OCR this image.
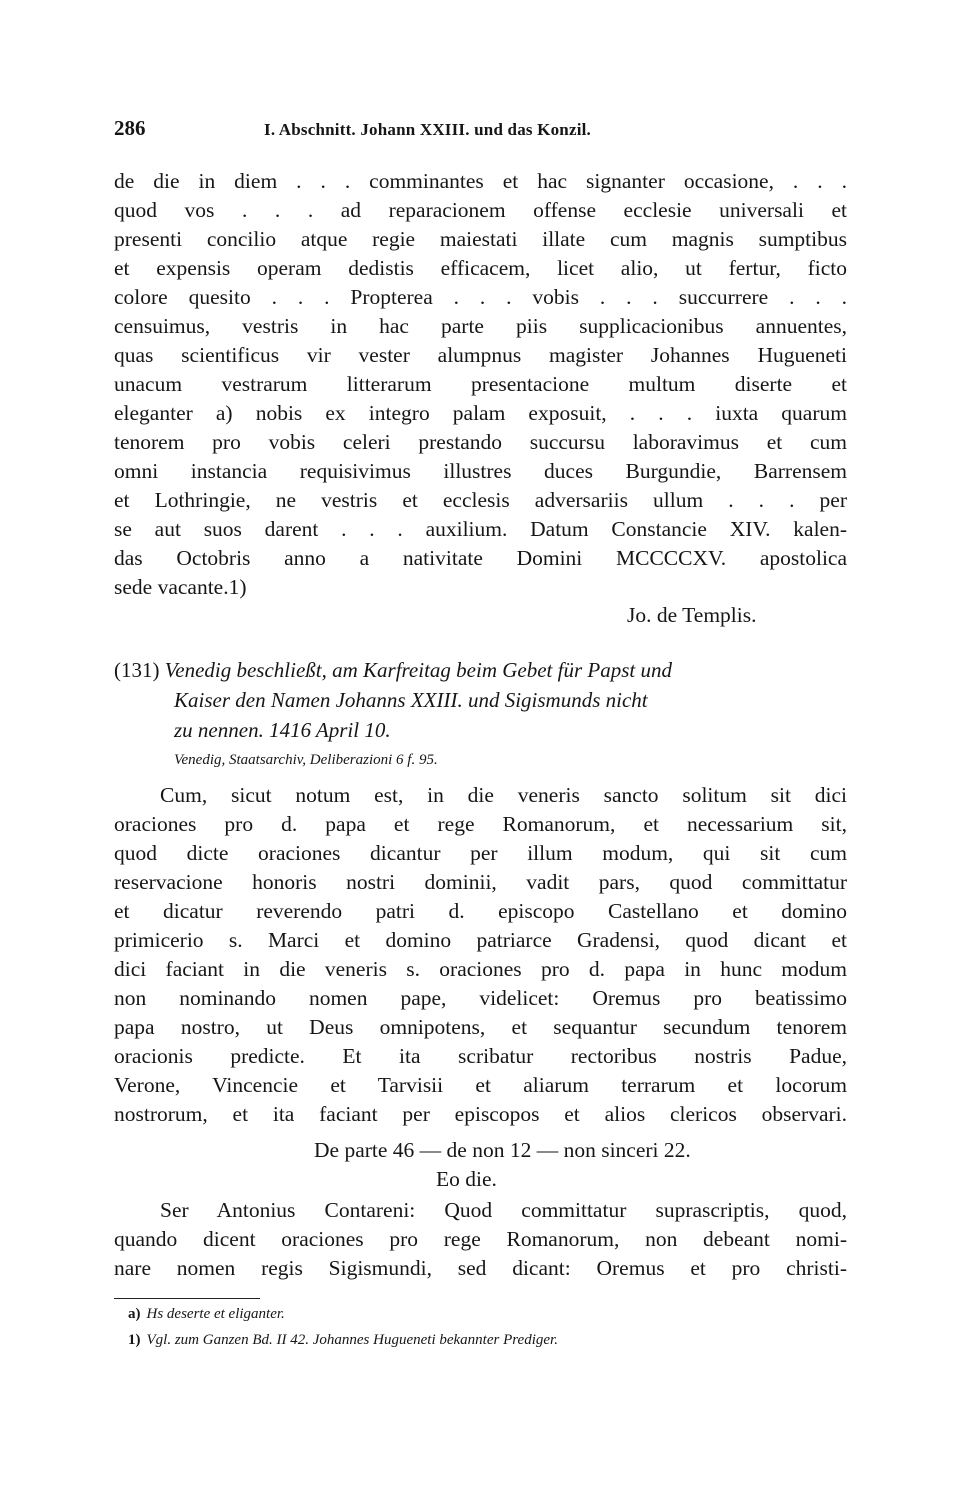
286	I. Abschnitt. Johann XXIII. und das Konzil.
de die in diem . . . comminantes et hac signanter occasione, . . .
quod vos . . . ad reparacionem offense ecclesie universali et
presenti concilio atque regie maiestati illate cum magnis sumptibus
et expensis operam dedistis efficacem, licet alio, ut fertur, ficto
colore quesito . . . Propterea . . . vobis . . . succurrere . . .
censuimus, vestris in hac parte piis supplicacionibus annuentes,
quas scientificus vir vester alumpnus magister Johannes Hugueneti
unacum vestrarum litterarum presentacione multum diserte et
eleganter a) nobis ex integro palam exposuit, . . . iuxta quarum
tenorem pro vobis celeri prestando succursu laboravimus et cum
omni instancia requisivimus illustres duces Burgundie, Barrensem
et Lothringie, ne vestris et ecclesis adversariis ullum . . . per
se aut suos darent . . . auxilium. Datum Constancie XIV. kalen-
das Octobris anno a nativitate Domini MCCCCXV. apostolica
sede vacante.1)
Jo. de Templis.
(131) Venedig beschließt, am Karfreitag beim Gebet für Papst und
Kaiser den Namen Johanns XXIII. und Sigismunds nicht
zu nennen. 1416 April 10.
Venedig, Staatsarchiv, Deliberazioni 6 f. 95.
Cum, sicut notum est, in die veneris sancto solitum sit dici
oraciones pro d. papa et rege Romanorum, et necessarium sit,
quod dicte oraciones dicantur per illum modum, qui sit cum
reservacione honoris nostri dominii, vadit pars, quod committatur
et dicatur reverendo patri d. episcopo Castellano et domino
primicerio s. Marci et domino patriarce Gradensi, quod dicant et
dici faciant in die veneris s. oraciones pro d. papa in hunc modum
non nominando nomen pape, videlicet: Oremus pro beatissimo
papa nostro, ut Deus omnipotens, et sequantur secundum tenorem
oracionis predicte. Et ita scribatur rectoribus nostris Padue,
Verone, Vincencie et Tarvisii et aliarum terrarum et locorum
nostrorum, et ita faciant per episcopos et alios clericos observari.
De parte 46 — de non 12 — non sinceri 22.
Eo die.
Ser Antonius Contareni: Quod committatur suprascriptis, quod,
quando dicent oraciones pro rege Romanorum, non debeant nomi-
nare nomen regis Sigismundi, sed dicant: Oremus et pro christi-
a) Hs deserte et eliganter.
1) Vgl. zum Ganzen Bd. II 42. Johannes Hugueneti bekannter Prediger.
